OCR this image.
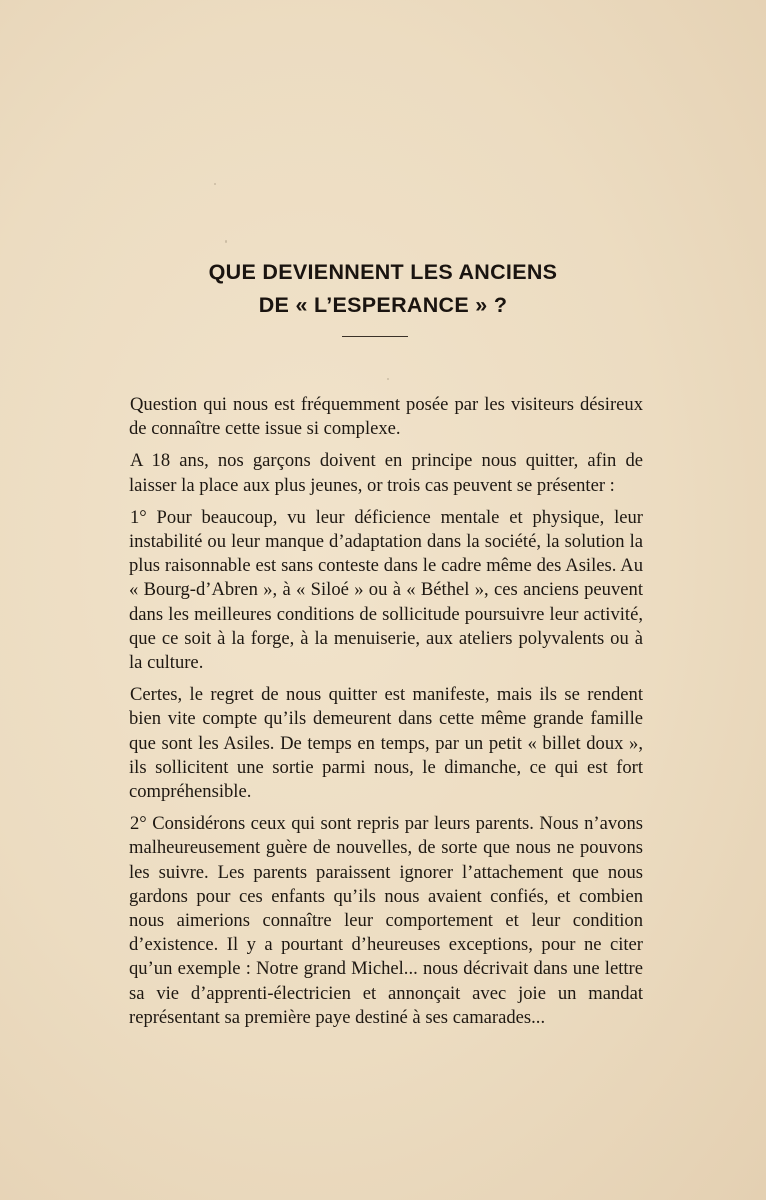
QUE DEVIENNENT LES ANCIENS
DE « L’ESPERANCE » ?

Question qui nous est fréquemment posée par les visiteurs désireux de connaître cette issue si complexe.

A 18 ans, nos garçons doivent en principe nous quitter, afin de laisser la place aux plus jeunes, or trois cas peuvent se présenter :

1° Pour beaucoup, vu leur déficience mentale et physique, leur instabilité ou leur manque d’adaptation dans la société, la solution la plus raisonnable est sans conteste dans le cadre même des Asiles. Au « Bourg-d’Abren », à « Siloé » ou à « Béthel », ces anciens peuvent dans les meilleures conditions de sollicitude poursuivre leur activité, que ce soit à la forge, à la menuiserie, aux ateliers polyvalents ou à la culture.

Certes, le regret de nous quitter est manifeste, mais ils se rendent bien vite compte qu’ils demeurent dans cette même grande famille que sont les Asiles. De temps en temps, par un petit « billet doux », ils sollicitent une sortie parmi nous, le dimanche, ce qui est fort compréhensible.

2° Considérons ceux qui sont repris par leurs parents. Nous n’avons malheureusement guère de nouvelles, de sorte que nous ne pouvons les suivre. Les parents paraissent ignorer l’attachement que nous gardons pour ces enfants qu’ils nous avaient confiés, et combien nous aimerions connaître leur comportement et leur condition d’existence. Il y a pourtant d’heureuses exceptions, pour ne citer qu’un exemple : Notre grand Michel... nous décrivait dans une lettre sa vie d’apprenti-électricien et annonçait avec joie un mandat représentant sa première paye destiné à ses camarades...
